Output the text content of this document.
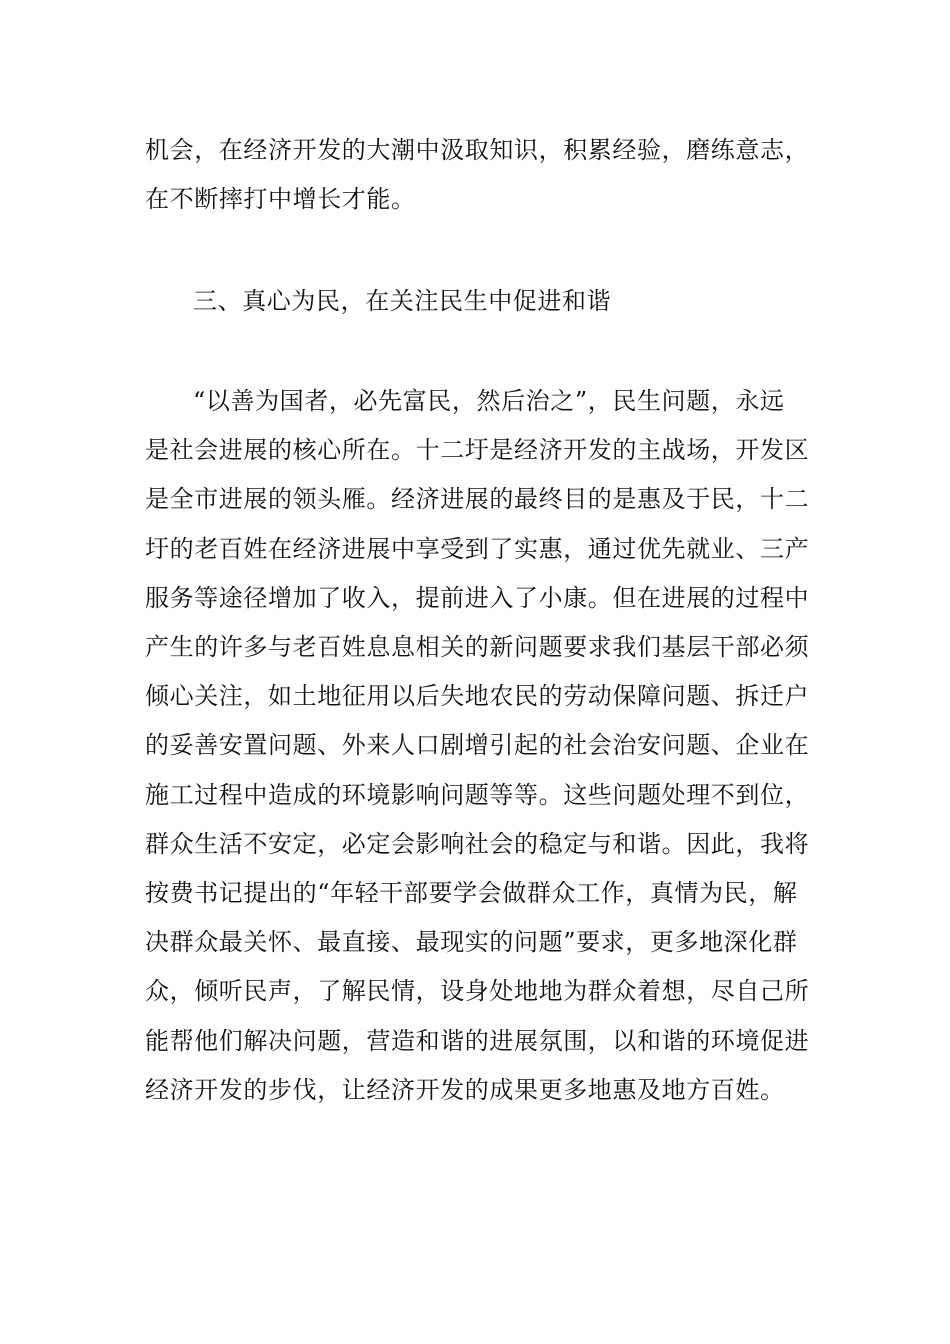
机会，在经济开发的大潮中汲取知识，积累经验，磨练意志，
在不断摔打中增长才能。

三、真心为民，在关注民生中促进和谐

“以善为国者，必先富民，然后治之”，民生问题，永远
是社会进展的核心所在。十二圩是经济开发的主战场，开发区
是全市进展的领头雁。经济进展的最终目的是惠及于民，十二
圩的老百姓在经济进展中享受到了实惠，通过优先就业、三产
服务等途径增加了收入，提前进入了小康。但在进展的过程中
产生的许多与老百姓息息相关的新问题要求我们基层干部必须
倾心关注，如土地征用以后失地农民的劳动保障问题、拆迁户
的妥善安置问题、外来人口剧增引起的社会治安问题、企业在
施工过程中造成的环境影响问题等等。这些问题处理不到位，
群众生活不安定，必定会影响社会的稳定与和谐。因此，我将
按费书记提出的“年轻干部要学会做群众工作，真情为民，解
决群众最关怀、最直接、最现实的问题”要求，更多地深化群
众，倾听民声，了解民情，设身处地地为群众着想，尽自己所
能帮他们解决问题，营造和谐的进展氛围，以和谐的环境促进
经济开发的步伐，让经济开发的成果更多地惠及地方百姓。
